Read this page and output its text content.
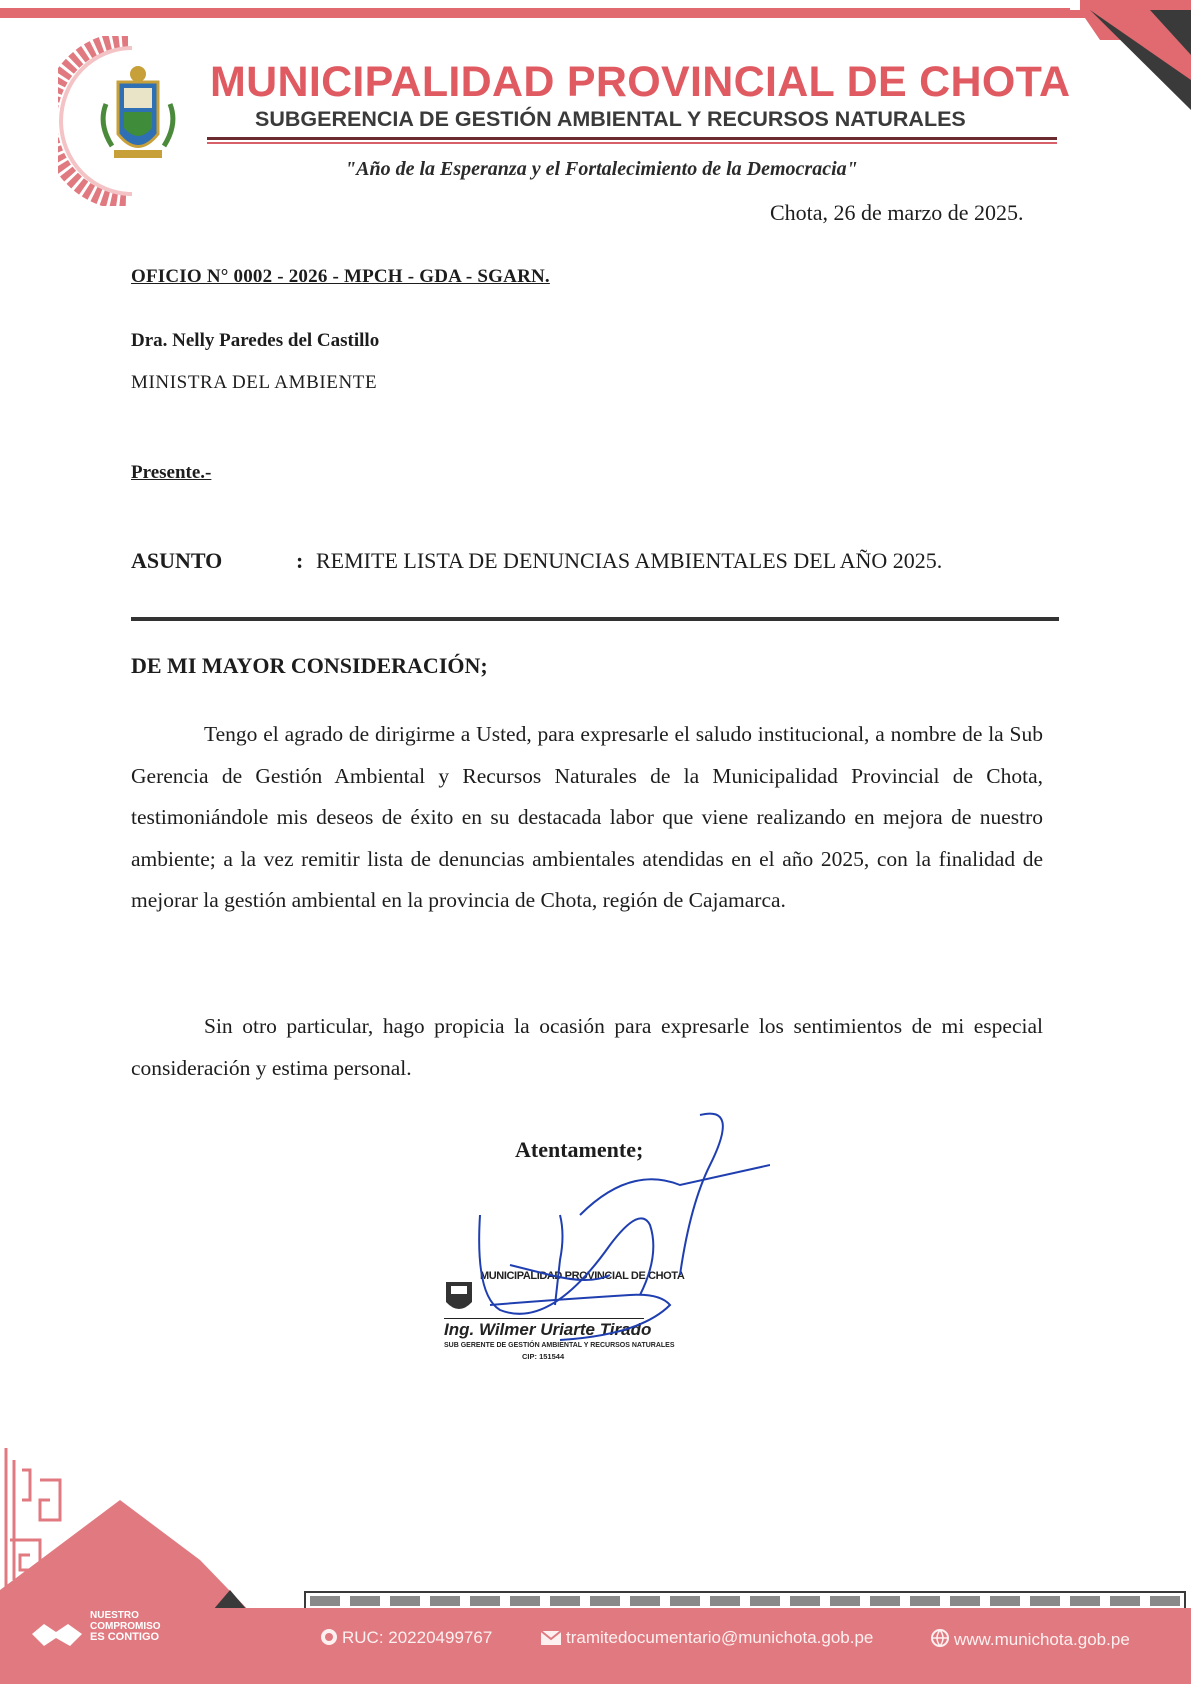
MUNICIPALIDAD PROVINCIAL DE CHOTA
SUBGERENCIA DE GESTIÓN AMBIENTAL Y RECURSOS NATURALES
"Año de la Esperanza y el Fortalecimiento de la Democracia"
Chota, 26 de marzo de 2025.
OFICIO N° 0002 - 2026 - MPCH - GDA - SGARN.
Dra. Nelly Paredes del Castillo
MINISTRA DEL AMBIENTE
Presente.-
ASUNTO	: REMITE LISTA DE DENUNCIAS AMBIENTALES DEL AÑO 2025.
DE MI MAYOR CONSIDERACIÓN;
Tengo el agrado de dirigirme a Usted, para expresarle el saludo institucional, a nombre de la Sub Gerencia de Gestión Ambiental y Recursos Naturales de la Municipalidad Provincial de Chota, testimoniándole mis deseos de éxito en su destacada labor que viene realizando en mejora de nuestro ambiente; a la vez remitir lista de denuncias ambientales atendidas en el año 2025, con la finalidad de mejorar la gestión ambiental en la provincia de Chota, región de Cajamarca.
Sin otro particular, hago propicia la ocasión para expresarle los sentimientos de mi especial consideración y estima personal.
Atentamente;
MUNICIPALIDAD PROVINCIAL DE CHOTA
Ing. Wilmer Uriarte Tirado
SUB GERENTE DE GESTIÓN AMBIENTAL Y RECURSOS NATURALES
CIP: 151544
NUESTRO
COMPROMISO
ES CONTIGO	RUC: 20220499767	tramitedocumentario@munichota.gob.pe	www.munichota.gob.pe
